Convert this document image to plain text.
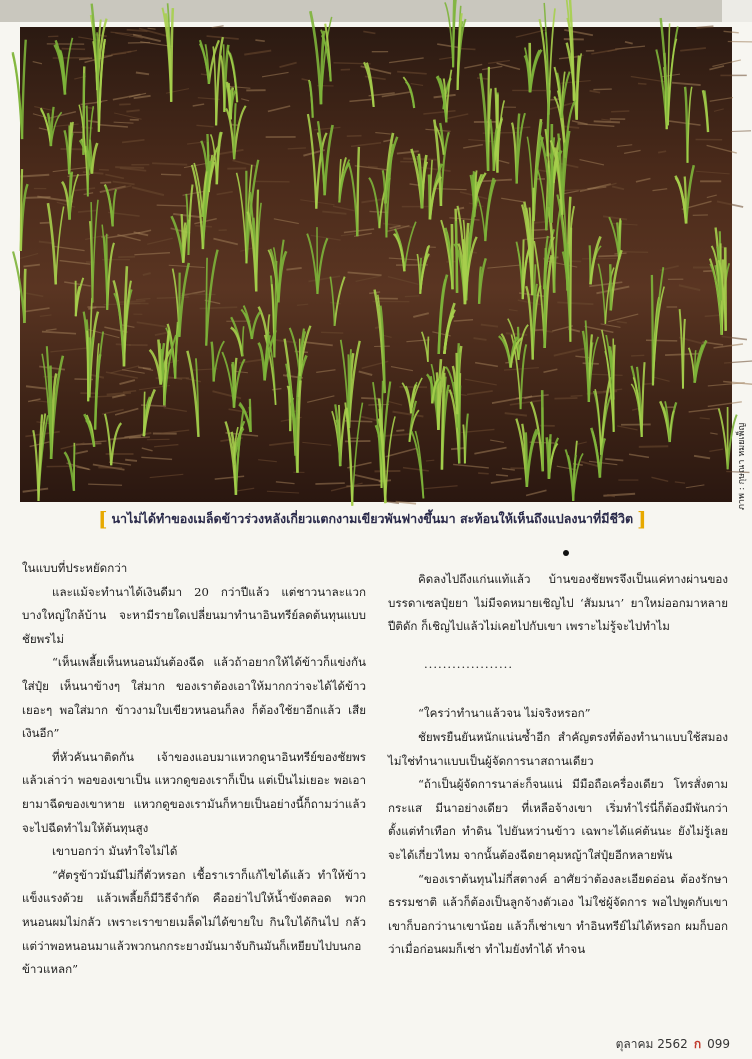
ภาพ : กุษณา หมยเพ็ญ
[ นาไม่ได้ทำของเมล็ดข้าวร่วงหลังเกี่ยวแตกงามเขียวพันฟางขึ้นมา สะท้อนให้เห็นถึงแปลงนาที่มีชีวิต ]

ในแบบที่ประหยัดกว่า

และแม้จะทำนาได้เงินดีมา 20 กว่าปีแล้ว แต่ชาวนาละแวกบางใหญ่ใกล้บ้าน จะหามีรายใดเปลี่ยนมาทำนาอินทรีย์ลดต้นทุนแบบชัยพรไม่

“เห็นเพลี้ยเห็นหนอนมันต้องฉีด แล้วถ้าอยากให้ได้ข้าวก็แข่งกันใส่ปุ๋ย เห็นนาข้างๆ ใส่มาก ของเราต้องเอาให้มากกว่าจะได้ได้ข้าวเยอะๆ พอใส่มาก ข้าวงามใบเขียวหนอนก็ลง ก็ต้องใช้ยาอีกแล้ว เสียเงินอีก”

ที่หัวคันนาติดกัน เจ้าของแอบมาแหวกดูนาอินทรีย์ของชัยพรแล้วเล่าว่า พอของเขาเป็น แหวกดูของเราก็เป็น แต่เป็นไม่เยอะ พอเอายามาฉีดของเขาหาย แหวกดูของเรามันก็หายเป็นอย่างนี้ก็ถามว่าแล้วจะไปฉีดทำไมให้ต้นทุนสูง

เขาบอกว่า มันทำใจไม่ได้

“ศัตรูข้าวมันมีไม่กี่ตัวหรอก เชื้อราเราก็แก้ไขได้แล้ว ทำให้ข้าวแข็งแรงด้วย แล้วเพลี้ยก็มีวิธีจำกัด คืออย่าไปให้น้ำขังตลอด พวกหนอนผมไม่กลัว เพราะเราขายเมล็ดไม่ได้ขายใบ กินใบได้กินไป กลัวแต่ว่าพอหนอนมาแล้วพวกนกกระยางมันมาจับกินมันก็เหยียบไปบนกอข้าวแหลก”

คิดลงไปถึงแก่นแท้แล้ว บ้านของชัยพรจึงเป็นแค่ทางผ่านของบรรดาเซลปุ๋ยยา ไม่มีจดหมายเชิญไป ‘สัมมนา’ ยาใหม่ออกมาหลายปีติดัก ก็เชิญไปแล้วไม่เคยไปกับเขา เพราะไม่รู้จะไปทำไม

...................

“ใครว่าทำนาแล้วจน ไม่จริงหรอก”

ชัยพรยืนยันหนักแน่นซ้ำอีก สำคัญตรงที่ต้องทำนาแบบใช้สมอง ไม่ใช่ทำนาแบบเป็นผู้จัดการนาสถานเดียว

“ถ้าเป็นผู้จัดการนาล่ะก็จนแน่ มีมือถือเครื่องเดียว โทรสั่งตามกระแส มีนาอย่างเดียว ที่เหลือจ้างเขา เริ่มทำไร่นี่ก็ต้องมีพันกว่า ตั้งแต่ทำเทือก ทำดิน ไปยันหว่านข้าว เฉพาะได้แค่ต้นนะ ยังไม่รู้เลยจะได้เกี่ยวไหม จากนั้นต้องฉีดยาคุมหญ้าใส่ปุ๋ยอีกหลายพัน

“ของเราต้นทุนไม่กี่สตางค์ อาศัยว่าต้องละเอียดอ่อน ต้องรักษาธรรมชาติ แล้วก็ต้องเป็นลูกจ้างตัวเอง ไม่ใช่ผู้จัดการ พอไปพูดกับเขา เขาก็บอกว่านาเขาน้อย แล้วก็เช่าเขา ทำอินทรีย์ไม่ได้หรอก ผมก็บอกว่าเมื่อก่อนผมก็เช่า ทำไมยังทำได้ ทำจน

ตุลาคม 2562 ก 099
